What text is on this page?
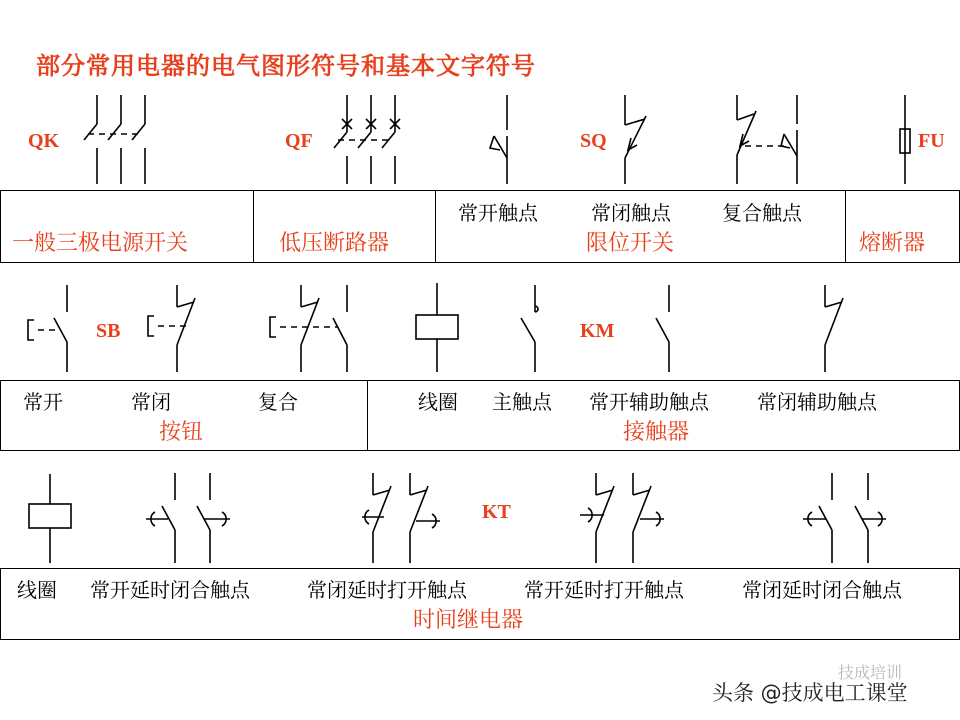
部分常用电器的电气图形符号和基本文字符号
QK	QF	SQ	FU
常开触点	常闭触点	复合触点
一般三极电源开关	低压断路器	限位开关	熔断器
SB	KM
常开	常闭	复合	线圈 主触点 常开辅助触点 常闭辅助触点
按钮	接触器
KT
线圈 常开延时闭合触点	常闭延时打开触点	常开延时打开触点	常闭延时闭合触点
时间继电器
技成培训
头条 @技成电工课堂
